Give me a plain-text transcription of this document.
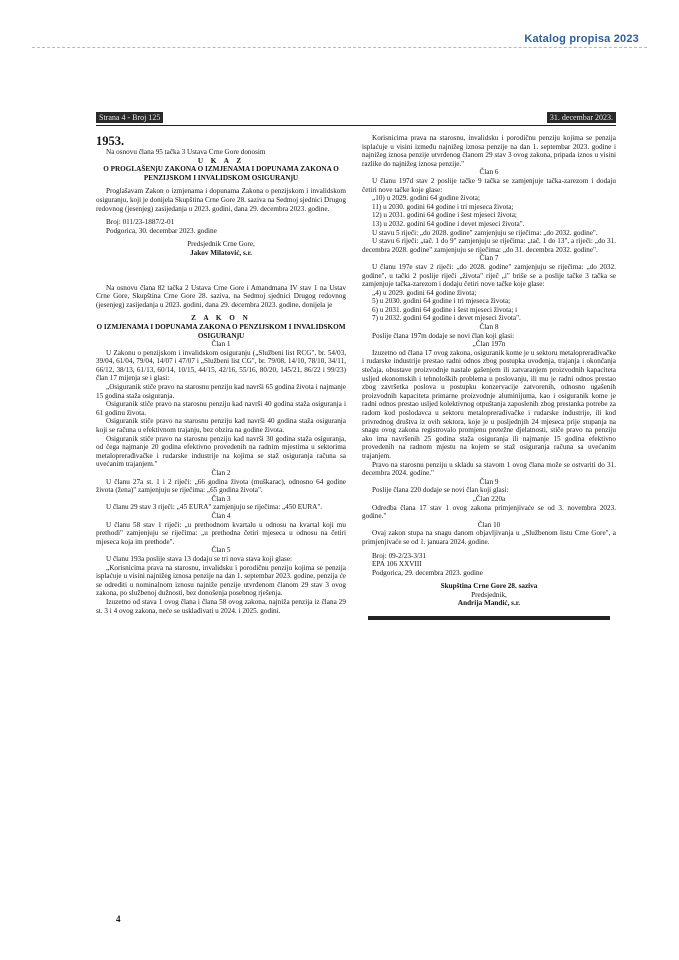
Katalog propisa 2023
Strana 4 - Broj 125	31. decembar 2023.

1953.

Na osnovu člana 95 tačka 3 Ustava Crne Gore donosim

U K A Z

O PROGLAŠENjU ZAKONA O IZMJENAMA I DOPUNAMA ZAKONA O PENZIJSKOM I INVALIDSKOM OSIGURANjU

Proglašavam Zakon o izmjenama i dopunama Zakona o penzijskom i invalidskom osiguranju, koji je donijela Skupština Crne Gore 28. saziva na Sedmoj sjednici Drugog redovnog (jesenjeg) zasijedanja u 2023. godini, dana 29. decembra 2023. godine.

Broj: 011/23-1887/2-01

Podgorica, 30. decembar 2023. godine

Predsjednik Crne Gore,

Jakov Milatović, s.r.

Na osnovu člana 82 tačka 2 Ustava Crne Gore i Amandmana IV stav 1 na Ustav Crne Gore, Skupština Crne Gore 28. saziva, na Sedmoj sjednici Drugog redovnog (jesenjeg) zasijedanja u 2023. godini, dana 29. decembra 2023. godine, donijela je

Z A K O N

O IZMJENAMA I DOPUNAMA ZAKONA O PENZIJSKOM I INVALIDSKOM OSIGURANjU

Član 1

U Zakonu o penzijskom i invalidskom osiguranju („Službeni list RCG", br. 54/03, 39/04, 61/04, 79/04, 14/07 i 47/07 i „Službeni list CG", br. 79/08, 14/10, 78/10, 34/11, 66/12, 38/13, 61/13, 60/14, 10/15, 44/15, 42/16, 55/16, 80/20, 145/21, 86/22 i 99/23) član 17 mijenja se i glasi:

„Osiguranik stiče pravo na starosnu penziju kad navrši 65 godina života i najmanje 15 godina staža osiguranja.

Osiguranik stiče pravo na starosnu penziju kad navrši 40 godina staža osiguranja i 61 godinu života.

Osiguranik stiče pravo na starosnu penziju kad navrši 40 godina staža osiguranja koji se računa u efektivnom trajanju, bez obzira na godine života.

Osiguranik stiče pravo na starosnu penziju kad navrši 30 godina staža osiguranja, od čega najmanje 20 godina efektivno provedenih na radnim mjestima u sektorima metaloprerađivačke i rudarske industrije na kojima se staž osiguranja računa sa uvećanim trajanjem."

Član 2

U članu 27a st. 1 i 2 riječi: „66 godina života (muškarac), odnosno 64 godine života (žena)" zamjenjuju se riječima: „65 godina života".

Član 3

U članu 29 stav 3 riječi: „45 EURA" zamjenjuju se riječima: „450 EURA".

Član 4

U članu 58 stav 1 riječi: „u prethodnom kvartalu u odnosu na kvartal koji mu prethodi" zamjenjuju se riječima: „u prethodna četiri mjeseca u odnosu na četiri mjeseca koja im prethode".

Član 5

U članu 193a poslije stava 13 dodaju se tri nova stava koji glase:

„Korisnicima prava na starosnu, invalidsku i porodičnu penziju kojima se penzija isplaćuje u visini najnižeg iznosa penzije na dan 1. septembar 2023. godine, penzija će se odrediti u nominalnom iznosu najniže penzije utvrđenom članom 29 stav 3 ovog zakona, po službenoj dužnosti, bez donošenja posebnog rješenja.

Izuzetno od stava 1 ovog člana i člana 58 ovog zakona, najniža penzija iz člana 29 st. 3 i 4 ovog zakona, neće se usklađivati u 2024. i 2025. godini.

Korisnicima prava na starosnu, invalidsku i porodičnu penziju kojima se penzija isplaćuje u visini između najnižeg iznosa penzije na dan 1. septembar 2023. godine i najnižeg iznosa penzije utvrđenog članom 29 stav 3 ovog zakona, pripada iznos u visini razlike do najnižeg iznosa penzije."

Član 6

U članu 197d stav 2 poslije tačke 9 tačka se zamjenjuje tačka-zarezom i dodaju četiri nove tačke koje glase:

„10) u 2029. godini 64 godine života;

11) u 2030. godini 64 godine i tri mjeseca života;

12) u 2031. godini 64 godine i šest mjeseci života;

13) u 2032. godini 64 godine i devet mjeseci života".

U stavu 5 riječi: „do 2028. godine" zamjenjuju se riječima: „do 2032. godine".

U stavu 6 riječi: „tač. 1 do 9" zamjenjuju se riječima: „tač. 1 do 13", a riječi: „do 31. decembra 2028. godine" zamjenjuju se riječima: „do 31. decembra 2032. godine".

Član 7

U članu 197e stav 2 riječi: „do 2028. godine" zamjenjuju se riječima: „do 2032. godine", u tački 2 poslije riječi „života" riječ „i" briše se a poslije tačke 3 tačka se zamjenjuje tačka-zarezom i dodaju četiri nove tačke koje glase:

„4) u 2029. godini 64 godine života;

5) u 2030. godini 64 godine i tri mjeseca života;

6) u 2031. godini 64 godine i šest mjeseci života; i

7) u 2032. godini 64 godine i devet mjeseci života".

Član 8

Poslije člana 197m dodaje se novi član koji glasi:

„Član 197n

Izuzetno od člana 17 ovog zakona, osiguranik kome je u sektoru metaloprerađivačke i rudarske industrije prestao radni odnos zbog postupka uvođenja, trajanja i okončanja stečaja, obustave proizvodnje nastale gašenjem ili zatvaranjem proizvodnih kapaciteta usljed ekonomskih i tehnoloških problema u poslovanju, ili mu je radni odnos prestao zbog završetka poslova u postupku konzervacije zatvorenih, odnosno ugašenih proizvodnih kapaciteta primarne proizvodnje aluminijuma, kao i osiguranik kome je radni odnos prestao usljed kolektivnog otpuštanja zaposlenih zbog prestanka potrebe za radom kod poslodavca u sektoru metaloprerađivačke i rudarske industrije, ili kod privrednog društva iz ovih sektora, koje je u posljednjih 24 mjeseca prije stupanja na snagu ovog zakona registrovalo promjenu pretežne djelatnosti, stiče pravo na penziju ako ima navršenih 25 godina staža osiguranja ili najmanje 15 godina efektivno provedenih na radnom mjestu na kojem se staž osiguranja računa sa uvećanim trajanjem.

Pravo na starosnu penziju u skladu sa stavom 1 ovog člana može se ostvariti do 31. decembra 2024. godine."

Član 9

Poslije člana 220 dodaje se novi član koji glasi:

„Član 220a

Odredba člana 17 stav 1 ovog zakona primjenjivaće se od 3. novembra 2023. godine."

Član 10

Ovaj zakon stupa na snagu danom objavljivanja u „Službenom listu Crne Gore", a primjenjivaće se od 1. januara 2024. godine.

Broj: 09-2/23-3/31

EPA 106 XXVIII

Podgorica, 29. decembra 2023. godine

Skupština Crne Gore 28. saziva

Predsjednik,

Andrija Mandić, s.r.

4
